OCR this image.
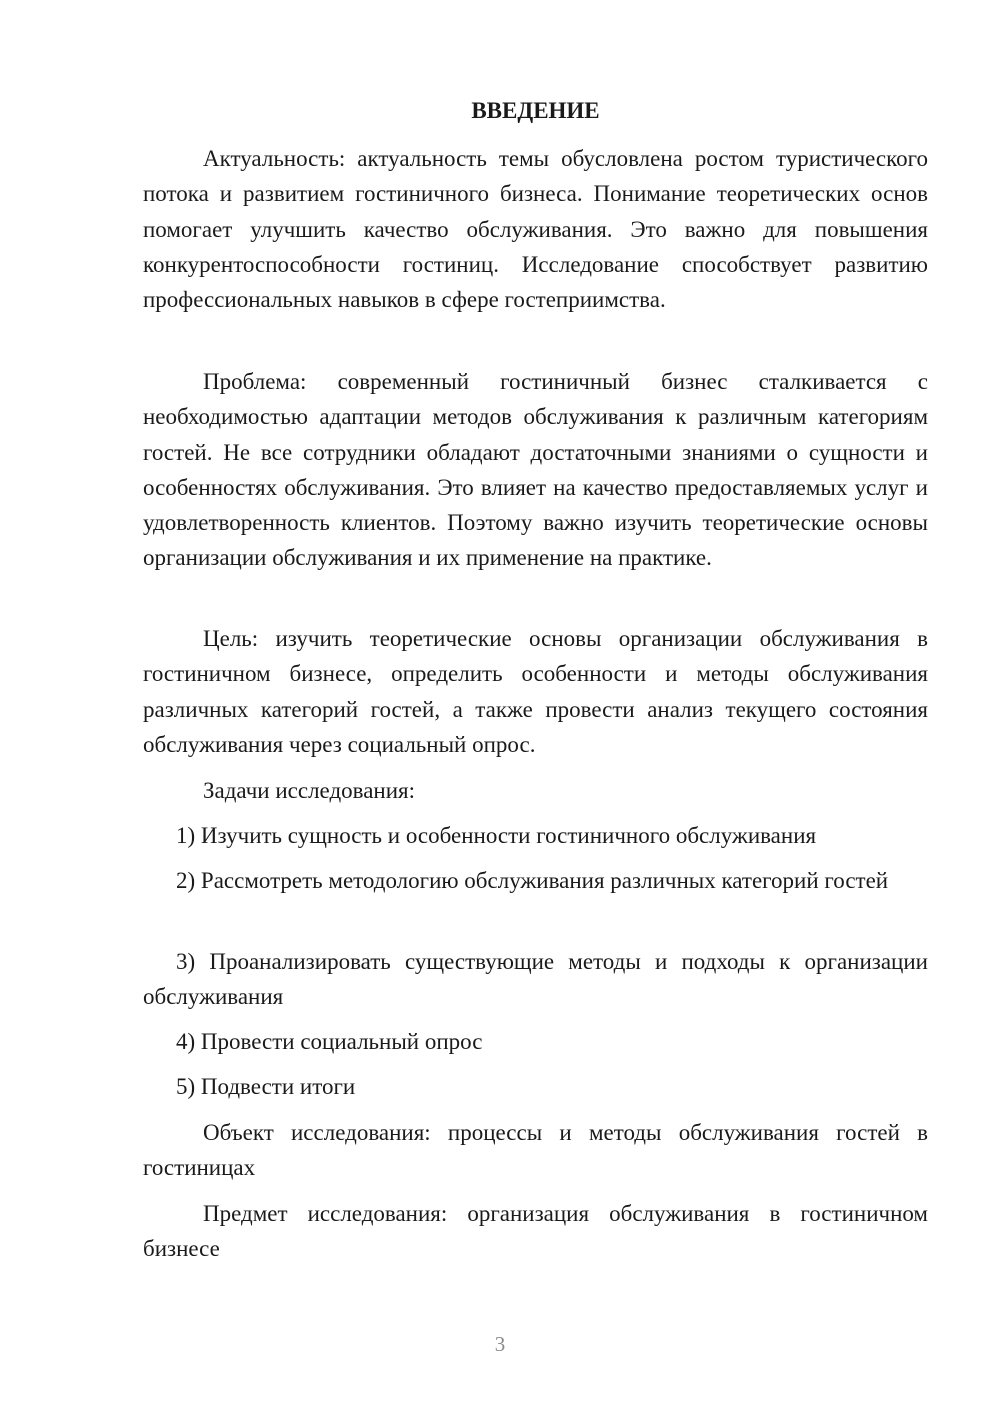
ВВЕДЕНИЕ

Актуальность: актуальность темы обусловлена ростом туристического потока и развитием гостиничного бизнеса. Понимание теоретических основ помогает улучшить качество обслуживания. Это важно для повышения конкурентоспособности гостиниц. Исследование способствует развитию профессиональных навыков в сфере гостеприимства.

Проблема: современный гостиничный бизнес сталкивается с необходимостью адаптации методов обслуживания к различным категориям гостей. Не все сотрудники обладают достаточными знаниями о сущности и особенностях обслуживания. Это влияет на качество предоставляемых услуг и удовлетворенность клиентов. Поэтому важно изучить теоретические основы организации обслуживания и их применение на практике.

Цель: изучить теоретические основы организации обслуживания в гостиничном бизнесе, определить особенности и методы обслуживания различных категорий гостей, а также провести анализ текущего состояния обслуживания через социальный опрос.

Задачи исследования:

1) Изучить сущность и особенности гостиничного обслуживания

2) Рассмотреть методологию обслуживания различных категорий гостей

3) Проанализировать существующие методы и подходы к организации обслуживания

4) Провести социальный опрос

5) Подвести итоги

Объект исследования: процессы и методы обслуживания гостей в гостиницах

Предмет исследования: организация обслуживания в гостиничном бизнесе

3
